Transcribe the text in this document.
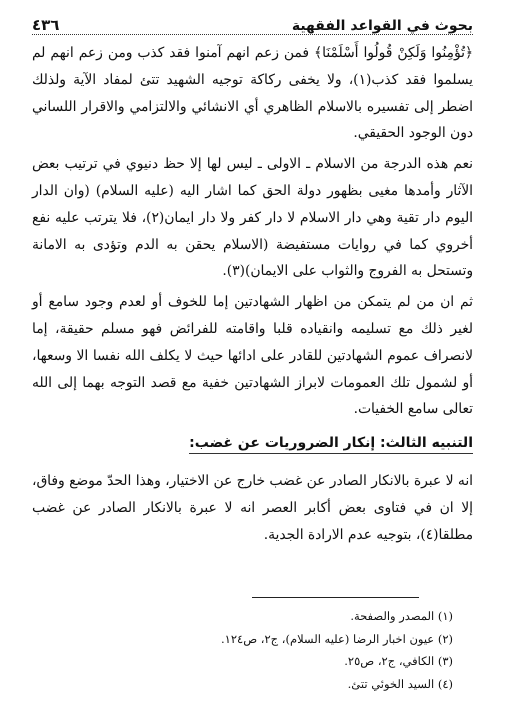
بحوث في القواعد الفقهية
٤٣٦

﴿تُؤْمِنُوا وَلَكِنْ قُولُوا أَسْلَمْنَا﴾ فمن زعم انهم آمنوا فقد كذب ومن زعم انهم لم يسلموا فقد كذب(١)، ولا يخفى ركاكة توجيه الشهيد تتئ لمفاد الآية ولذلك اضطر إلى تفسيره بالاسلام الظاهري أي الانشائي والالتزامي والاقرار اللساني دون الوجود الحقيقي.

نعم هذه الدرجة من الاسلام ـ الاولى ـ ليس لها إلا حظ دنيوي في ترتيب بعض الآثار وأمدها مغيى بظهور دولة الحق كما اشار اليه (عليه السلام) (وان الدار اليوم دار تقية وهي دار الاسلام لا دار كفر ولا دار ايمان(٢)، فلا يترتب عليه نفع أخروي كما في روايات مستفيضة (الاسلام يحقن به الدم وتؤدى به الامانة وتستحل به الفروج والثواب على الايمان)(٣).

ثم ان من لم يتمكن من اظهار الشهادتين إما للخوف أو لعدم وجود سامع أو لغير ذلك مع تسليمه وانقياده قلبا واقامته للفرائض فهو مسلم حقيقة، إما لانصراف عموم الشهادتين للقادر على ادائها حيث لا يكلف الله نفسا الا وسعها، أو لشمول تلك العمومات لابراز الشهادتين خفية مع قصد التوجه بهما إلى الله تعالى سامع الخفيات.

التنبيه الثالث: إنكار الضروريات عن غضب:

انه لا عبرة بالانكار الصادر عن غضب خارج عن الاختيار، وهذا الحدّ موضع وفاق، إلا ان في فتاوى بعض أكابر العصر انه لا عبرة بالانكار الصادر عن غضب مطلقا(٤)، بتوجيه عدم الارادة الجدية.

(١) المصدر والصفحة.
(٢) عيون اخبار الرضا (عليه السلام)، ج٢، ص١٢٤.
(٣) الكافي، ج٢، ص٢٥.
(٤) السيد الخوئي تتئ.
